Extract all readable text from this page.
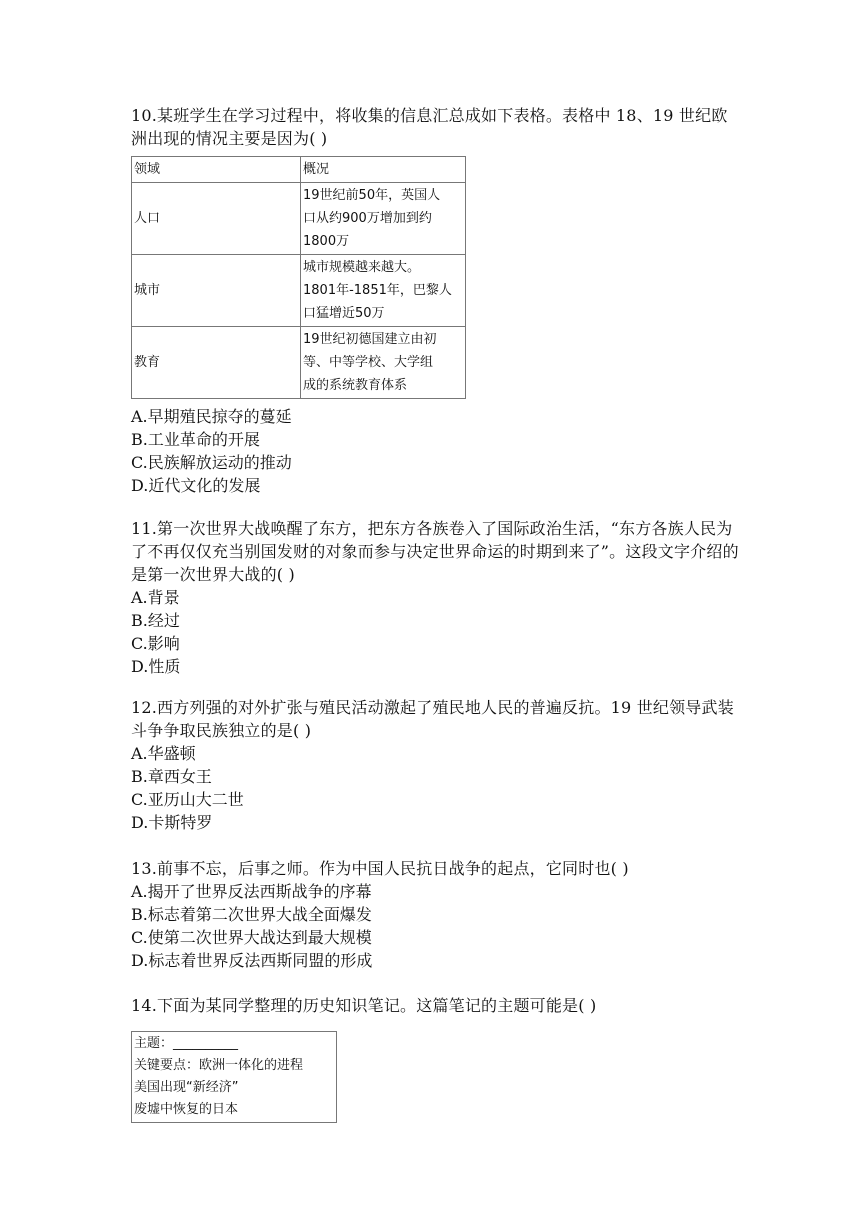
10.某班学生在学习过程中，将收集的信息汇总成如下表格。表格中 18、19 世纪欧洲出现的情况主要是因为( )

领域	概况
人口	19世纪前50年，英国人
口从约900万增加到约
1800万

城市	城市规模越来越大。
1801年-1851年，巴黎人
口猛增近50万

教育	19世纪初德国建立由初
等、中等学校、大学组
成的系统教育体系

A.早期殖民掠夺的蔓延

B.工业革命的开展

C.民族解放运动的推动

D.近代文化的发展

11.第一次世界大战唤醒了东方，把东方各族卷入了国际政治生活，“东方各族人民为了不再仅仅充当别国发财的对象而参与决定世界命运的时期到来了”。这段文字介绍的是第一次世界大战的( )

A.背景

B.经过

C.影响

D.性质

12.西方列强的对外扩张与殖民活动激起了殖民地人民的普遍反抗。19 世纪领导武装斗争争取民族独立的是( )

A.华盛顿

B.章西女王

C.亚历山大二世

D.卡斯特罗

13.前事不忘，后事之师。作为中国人民抗日战争的起点，它同时也( )

A.揭开了世界反法西斯战争的序幕

B.标志着第二次世界大战全面爆发

C.使第二次世界大战达到最大规模

D.标志着世界反法西斯同盟的形成

14.下面为某同学整理的历史知识笔记。这篇笔记的主题可能是( )

主题：__________
关键要点：欧洲一体化的进程
美国出现“新经济”
废墟中恢复的日本
